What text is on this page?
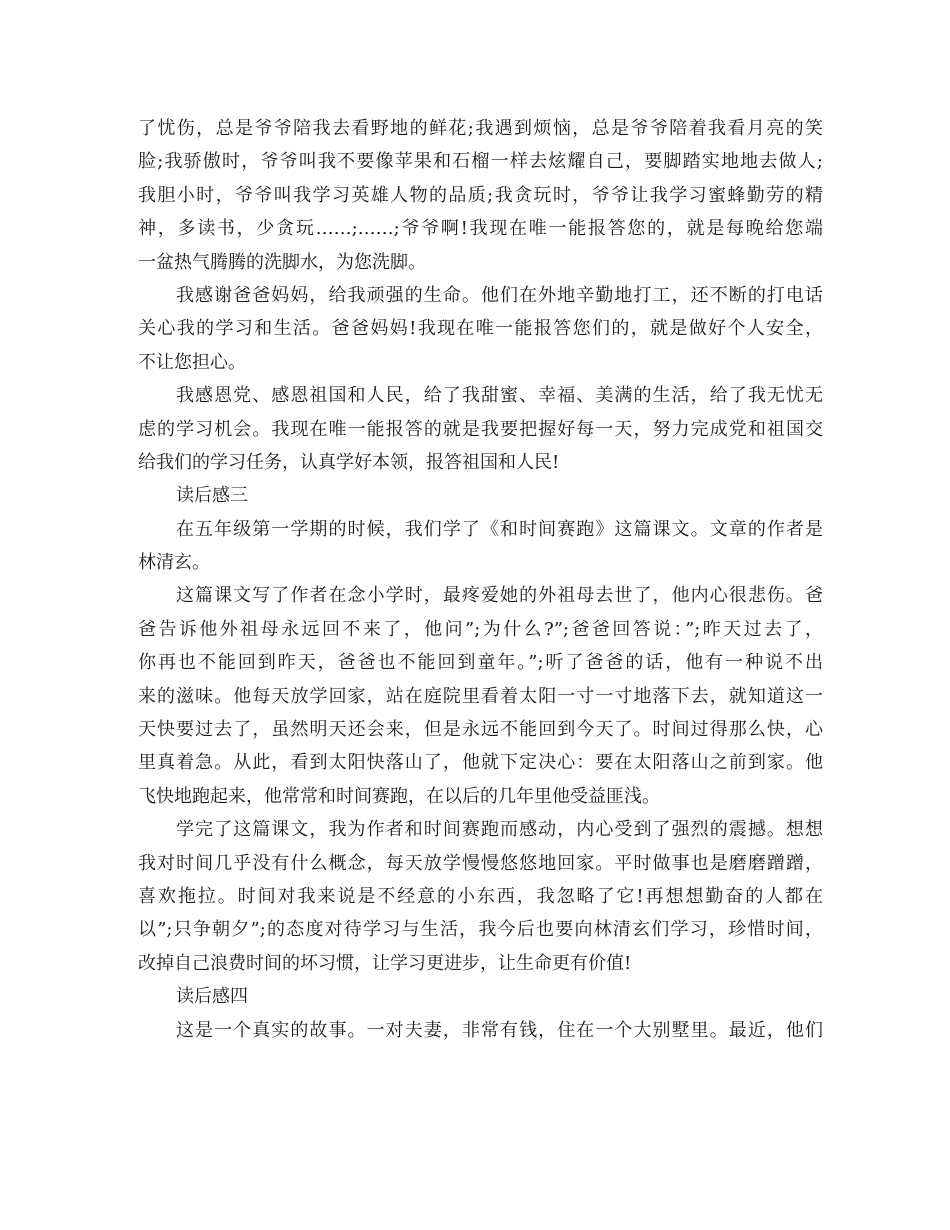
了忧伤，总是爷爷陪我去看野地的鲜花;我遇到烦恼，总是爷爷陪着我看月亮的笑
脸;我骄傲时，爷爷叫我不要像苹果和石榴一样去炫耀自己，要脚踏实地地去做人;
我胆小时，爷爷叫我学习英雄人物的品质;我贪玩时，爷爷让我学习蜜蜂勤劳的精
神，多读书，少贪玩……;……;爷爷啊!我现在唯一能报答您的，就是每晚给您端
一盆热气腾腾的洗脚水，为您洗脚。
我感谢爸爸妈妈，给我顽强的生命。他们在外地辛勤地打工，还不断的打电话
关心我的学习和生活。爸爸妈妈!我现在唯一能报答您们的，就是做好个人安全，
不让您担心。
我感恩党、感恩祖国和人民，给了我甜蜜、幸福、美满的生活，给了我无忧无
虑的学习机会。我现在唯一能报答的就是我要把握好每一天，努力完成党和祖国交
给我们的学习任务，认真学好本领，报答祖国和人民!
读后感三
在五年级第一学期的时候，我们学了《和时间赛跑》这篇课文。文章的作者是
林清玄。
这篇课文写了作者在念小学时，最疼爱她的外祖母去世了，他内心很悲伤。爸
爸告诉他外祖母永远回不来了，他问”;为什么?”;爸爸回答说：”;昨天过去了，
你再也不能回到昨天，爸爸也不能回到童年。”;听了爸爸的话，他有一种说不出
来的滋味。他每天放学回家，站在庭院里看着太阳一寸一寸地落下去，就知道这一
天快要过去了，虽然明天还会来，但是永远不能回到今天了。时间过得那么快，心
里真着急。从此，看到太阳快落山了，他就下定决心：要在太阳落山之前到家。他
飞快地跑起来，他常常和时间赛跑，在以后的几年里他受益匪浅。
学完了这篇课文，我为作者和时间赛跑而感动，内心受到了强烈的震撼。想想
我对时间几乎没有什么概念，每天放学慢慢悠悠地回家。平时做事也是磨磨蹭蹭，
喜欢拖拉。时间对我来说是不经意的小东西，我忽略了它!再想想勤奋的人都在
以”;只争朝夕”;的态度对待学习与生活，我今后也要向林清玄们学习，珍惜时间，
改掉自己浪费时间的坏习惯，让学习更进步，让生命更有价值!
读后感四
这是一个真实的故事。一对夫妻，非常有钱，住在一个大别墅里。最近，他们
